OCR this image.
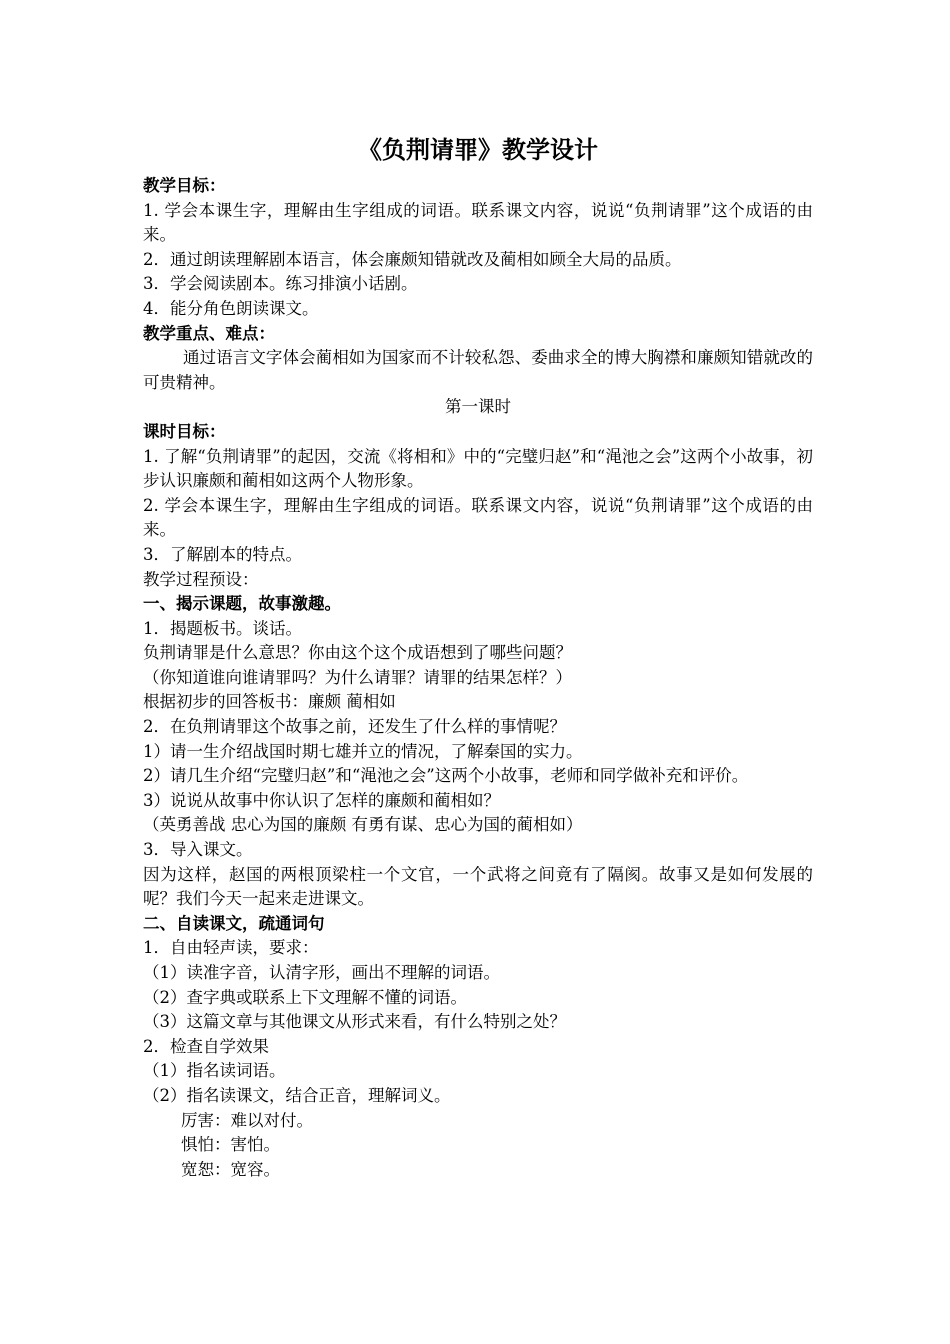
《负荆请罪》教学设计

教学目标：

1. 学会本课生字，理解由生字组成的词语。联系课文内容，说说“负荆请罪”这个成语的由来。

2．通过朗读理解剧本语言，体会廉颇知错就改及蔺相如顾全大局的品质。

3．学会阅读剧本。练习排演小话剧。

4．能分角色朗读课文。

教学重点、难点：

通过语言文字体会蔺相如为国家而不计较私怨、委曲求全的博大胸襟和廉颇知错就改的可贵精神。

第一课时

课时目标：

1. 了解“负荆请罪”的起因，交流《将相和》中的“完璧归赵”和“渑池之会”这两个小故事，初步认识廉颇和蔺相如这两个人物形象。

2. 学会本课生字，理解由生字组成的词语。联系课文内容，说说“负荆请罪”这个成语的由来。

3．了解剧本的特点。

教学过程预设：

一、揭示课题，故事激趣。

1．揭题板书。谈话。

负荆请罪是什么意思？你由这个这个成语想到了哪些问题？

（你知道谁向谁请罪吗？为什么请罪？请罪的结果怎样？）

根据初步的回答板书：廉颇 蔺相如

2．在负荆请罪这个故事之前，还发生了什么样的事情呢？

1）请一生介绍战国时期七雄并立的情况，了解秦国的实力。

2）请几生介绍“完璧归赵”和“渑池之会”这两个小故事，老师和同学做补充和评价。

3）说说从故事中你认识了怎样的廉颇和蔺相如？

（英勇善战 忠心为国的廉颇 有勇有谋、忠心为国的蔺相如）

3．导入课文。

因为这样，赵国的两根顶梁柱一个文官，一个武将之间竟有了隔阂。故事又是如何发展的呢？我们今天一起来走进课文。

二、自读课文，疏通词句

1．自由轻声读，要求：

（1）读准字音，认清字形，画出不理解的词语。

（2）查字典或联系上下文理解不懂的词语。

（3）这篇文章与其他课文从形式来看，有什么特别之处？

2．检查自学效果

（1）指名读词语。

（2）指名读课文，结合正音，理解词义。

厉害：难以对付。

惧怕：害怕。

宽恕：宽容。
